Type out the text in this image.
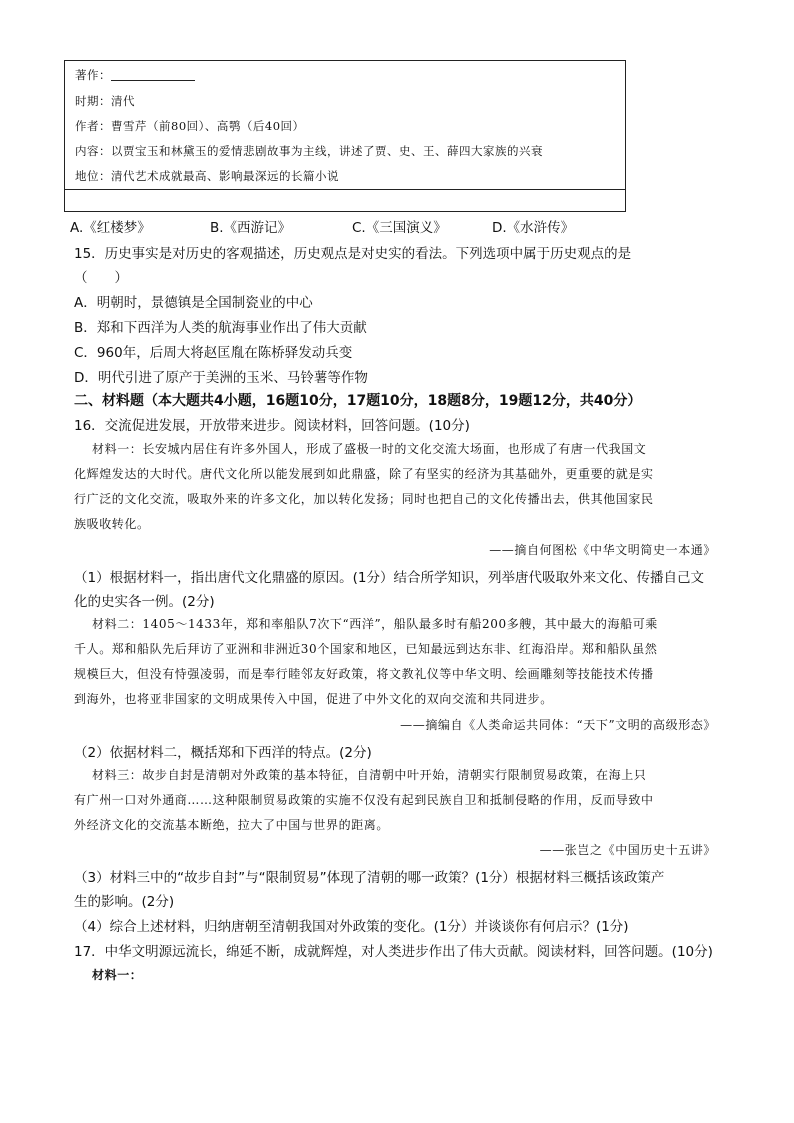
著作：
时期：清代
作者：曹雪芹（前80回）、高鹗（后40回）
内容：以贾宝玉和林黛玉的爱情悲剧故事为主线，讲述了贾、史、王、薛四大家族的兴衰
地位：清代艺术成就最高、影响最深远的长篇小说
A.《红楼梦》	B.《西游记》	C.《三国演义》	D.《水浒传》
15．历史事实是对历史的客观描述，历史观点是对史实的看法。下列选项中属于历史观点的是
（　　）
A．明朝时，景德镇是全国制瓷业的中心
B．郑和下西洋为人类的航海事业作出了伟大贡献
C．960年，后周大将赵匡胤在陈桥驿发动兵变
D．明代引进了原产于美洲的玉米、马铃薯等作物
二、材料题（本大题共4小题，16题10分，17题10分，18题8分，19题12分，共40分）
16．交流促进发展，开放带来进步。阅读材料，回答问题。(10分)
材料一：长安城内居住有许多外国人，形成了盛极一时的文化交流大场面，也形成了有唐一代我国文
化辉煌发达的大时代。唐代文化所以能发展到如此鼎盛，除了有坚实的经济为其基础外，更重要的就是实
行广泛的文化交流，吸取外来的许多文化，加以转化发扬；同时也把自己的文化传播出去，供其他国家民
族吸收转化。
——摘自何图松《中华文明简史一本通》
（1）根据材料一，指出唐代文化鼎盛的原因。(1分）结合所学知识，列举唐代吸取外来文化、传播自己文
化的史实各一例。(2分)
材料二：1405～1433年，郑和率船队7次下“西洋”，船队最多时有船200多艘，其中最大的海船可乘
千人。郑和船队先后拜访了亚洲和非洲近30个国家和地区，已知最远到达东非、红海沿岸。郑和船队虽然
规模巨大，但没有恃强凌弱，而是奉行睦邻友好政策，将文教礼仪等中华文明、绘画雕刻等技能技术传播
到海外，也将亚非国家的文明成果传入中国，促进了中外文化的双向交流和共同进步。
——摘编自《人类命运共同体：“天下”文明的高级形态》
（2）依据材料二，概括郑和下西洋的特点。(2分)
材料三：故步自封是清朝对外政策的基本特征，自清朝中叶开始，清朝实行限制贸易政策，在海上只
有广州一口对外通商……这种限制贸易政策的实施不仅没有起到民族自卫和抵制侵略的作用，反而导致中
外经济文化的交流基本断绝，拉大了中国与世界的距离。
——张岂之《中国历史十五讲》
（3）材料三中的“故步自封”与“限制贸易”体现了清朝的哪一政策？(1分）根据材料三概括该政策产
生的影响。(2分)
（4）综合上述材料，归纳唐朝至清朝我国对外政策的变化。(1分）并谈谈你有何启示？(1分)
17．中华文明源远流长，绵延不断，成就辉煌，对人类进步作出了伟大贡献。阅读材料，回答问题。(10分)
材料一：
